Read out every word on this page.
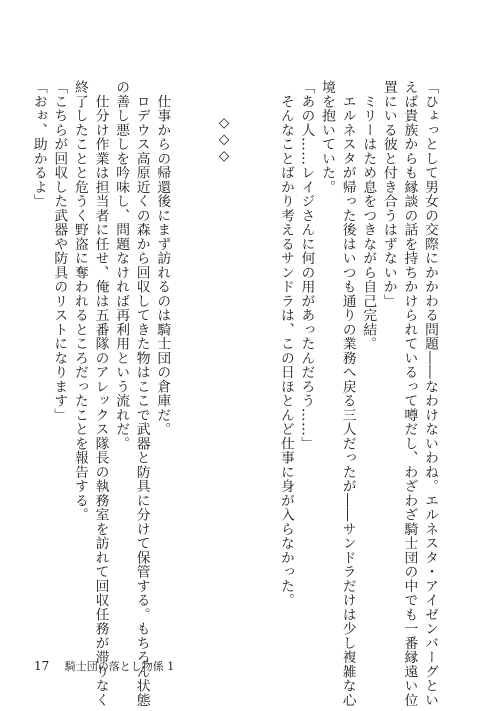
「ひょっとして男女の交際にかかわる問題――なわけないわね。エルネスタ・アイゼンバーグとい
えば貴族からも縁談の話を持ちかけられているって噂だし、わざわざ騎士団の中でも一番縁遠い位
置にいる彼と付き合うはずないか」
　ミリーはため息をつきながら自己完結。
　エルネスタが帰った後はいつも通りの業務へ戻る三人だったが――サンドラだけは少し複雑な心
境を抱いていた。
「あの人……レイジさんに何の用があったんだろう……」
　そんなことばかり考えるサンドラは、この日ほとんど仕事に身が入らなかった。

◇◇◇

　仕事からの帰還後にまず訪れるのは騎士団の倉庫だ。
　ロデウス高原近くの森から回収してきた物はここで武器と防具に分けて保管する。もちろん状態
の善し悪しを吟味し、問題なければ再利用という流れだ。
　仕分け作業は担当者に任せ、俺は五番隊のアレックス隊長の執務室を訪れて回収任務が滞りなく
終了したことと危うく野盗に奪われるところだったことを報告する。
「こちらが回収した武器や防具のリストになります」
「おぉ、助かるよ」
17 騎士団の落とし物係 1
